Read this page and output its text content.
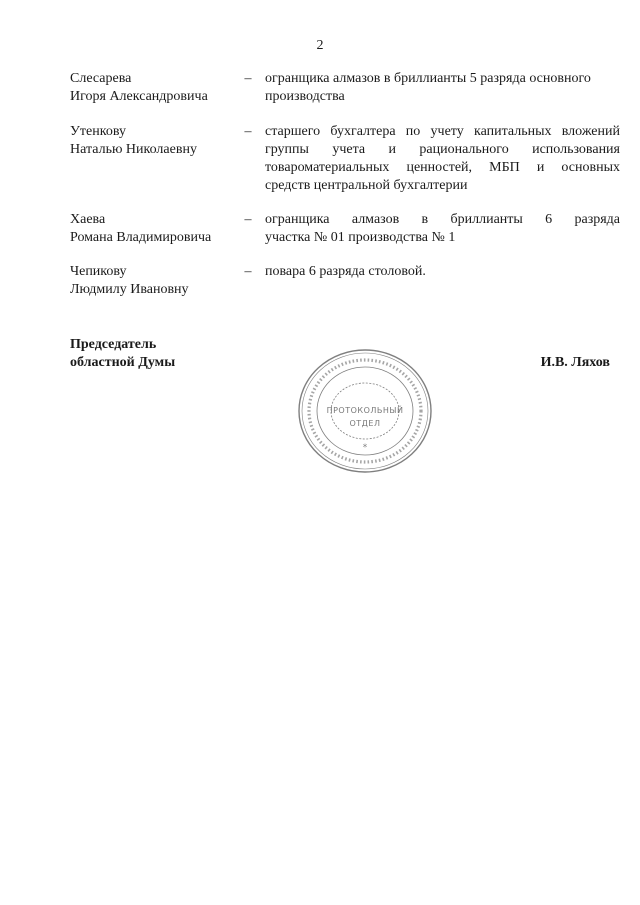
2
Слесарева
Игоря Александровича
– огранщика алмазов в бриллианты 5 разряда основного
производства
Утенкову
Наталью Николаевну
– старшего бухгалтера по учету капитальных вложений
группы учета и рационального использования
товароматериальных ценностей, МБП и основных
средств центральной бухгалтерии
Хаева
Романа Владимировича
– огранщика алмазов в бриллианты 6 разряда
участка № 01 производства № 1
Чепикову
Людмилу Ивановну
– повара 6 разряда столовой.
Председатель
областной Думы	И.В. Ляхов
*
ПРОТОКОЛЬНЫЙ
ОТДЕЛ
